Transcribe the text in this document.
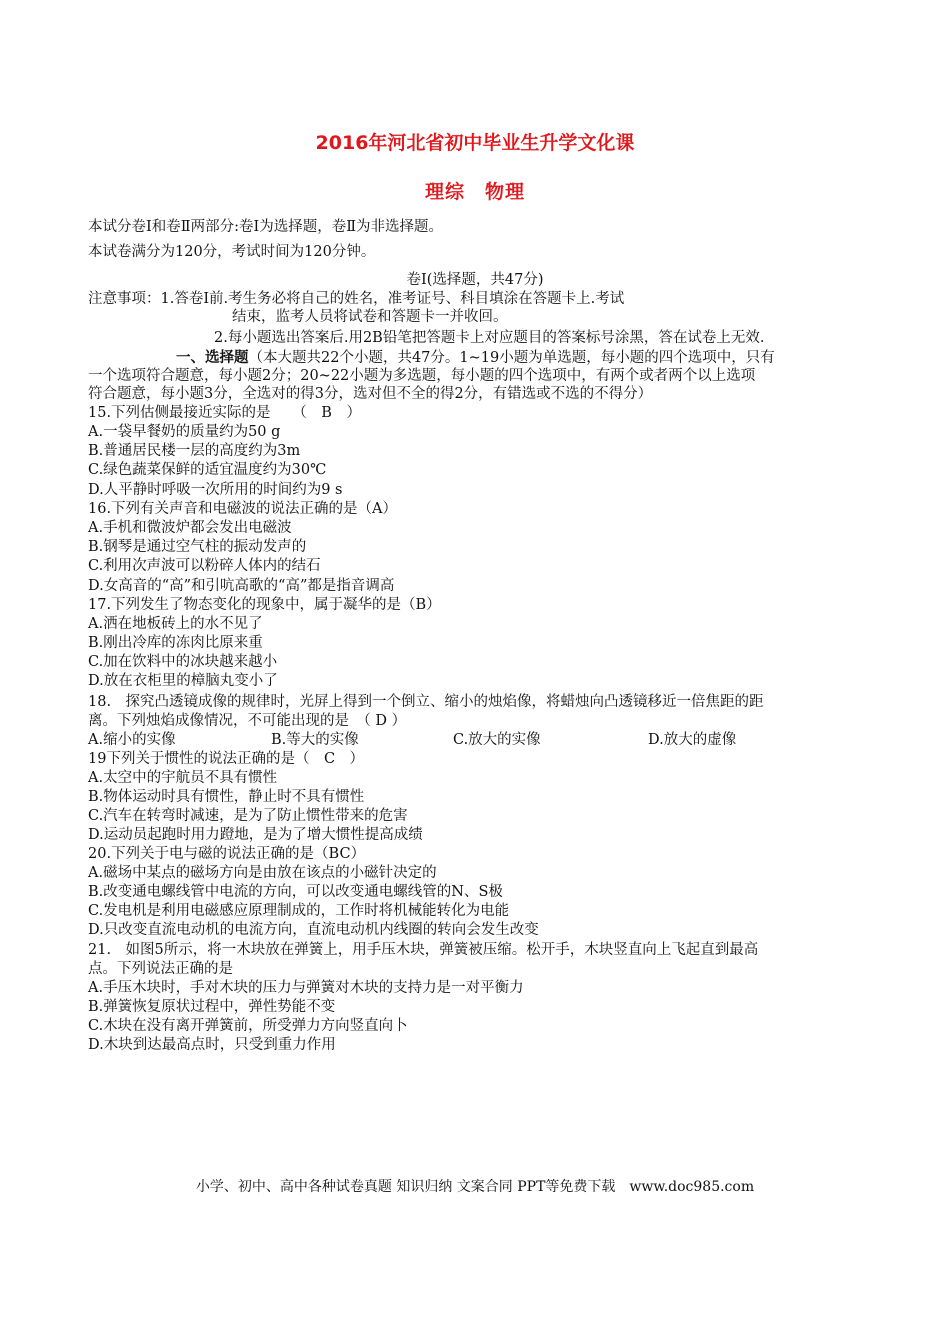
2016年河北省初中毕业生升学文化课
理综　物理
本试分卷Ⅰ和卷Ⅱ两部分:卷Ⅰ为选择题，卷Ⅱ为非选择题。
本试卷满分为120分，考试时间为120分钟。
卷Ⅰ(选择题，共47分)
注意事项：1.答卷Ⅰ前.考生务必将自己的姓名，准考证号、科目填涂在答题卡上.考试
结束，监考人员将试卷和答题卡一并收回。
2.每小题选出答案后.用2B铅笔把答题卡上对应题目的答案标号涂黑，答在试卷上无效.
一、选择题（本大题共22个小题，共47分。1~19小题为单选题，每小题的四个选项中，只有
一个选项符合题意，每小题2分；20~22小题为多选题，每小题的四个选项中，有两个或者两个以上选项
符合题意，每小题3分，全选对的得3分，选对但不全的得2分，有错选或不选的不得分）
15.下列估侧最接近实际的是　　（　B　）
A.一袋早餐奶的质量约为50 g
B.普通居民楼一层的高度约为3m
C.绿色蔬菜保鲜的适宜温度约为30℃
D.人平静时呼吸一次所用的时间约为9 s
16.下列有关声音和电磁波的说法正确的是（A）
A.手机和微波炉都会发出电磁波
B.钢琴是通过空气柱的振动发声的
C.利用次声波可以粉碎人体内的结石
D.女高音的“高”和引吭高歌的“高”都是指音调高
17.下列发生了物态变化的现象中，属于凝华的是（B）
A.洒在地板砖上的水不见了
B.刚出冷库的冻肉比原来重
C.加在饮料中的冰块越来越小
D.放在衣柜里的樟脑丸变小了
18.　探究凸透镜成像的规律时，光屏上得到一个倒立、缩小的烛焰像，将蜡烛向凸透镜移近一倍焦距的距
离。下列烛焰成像情况，不可能出现的是　（ D ）
A.缩小的实像	B.等大的实像	C.放大的实像	D.放大的虚像
19下列关于惯性的说法正确的是（　C　）
A.太空中的宇航员不具有惯性
B.物体运动时具有惯性，静止时不具有惯性
C.汽车在转弯时减速，是为了防止惯性带来的危害
D.运动员起跑时用力蹬地，是为了增大惯性提高成绩
20.下列关于电与磁的说法正确的是（BC）
A.磁场中某点的磁场方向是由放在该点的小磁针决定的
B.改变通电螺线管中电流的方向，可以改变通电螺线管的N、S极
C.发电机是利用电磁感应原理制成的，工作时将机械能转化为电能
D.只改变直流电动机的电流方向，直流电动机内线圈的转向会发生改变
21.　如图5所示，将一木块放在弹簧上，用手压木块，弹簧被压缩。松开手，木块竖直向上飞起直到最高
点。下列说法正确的是
A.手压木块时，手对木块的压力与弹簧对木块的支持力是一对平衡力
B.弹簧恢复原状过程中，弹性势能不变
C.木块在没有离开弹簧前，所受弹力方向竖直向卜
D.木块到达最高点时，只受到重力作用
小学、初中、高中各种试卷真题 知识归纳 文案合同 PPT等免费下载　www.doc985.com
